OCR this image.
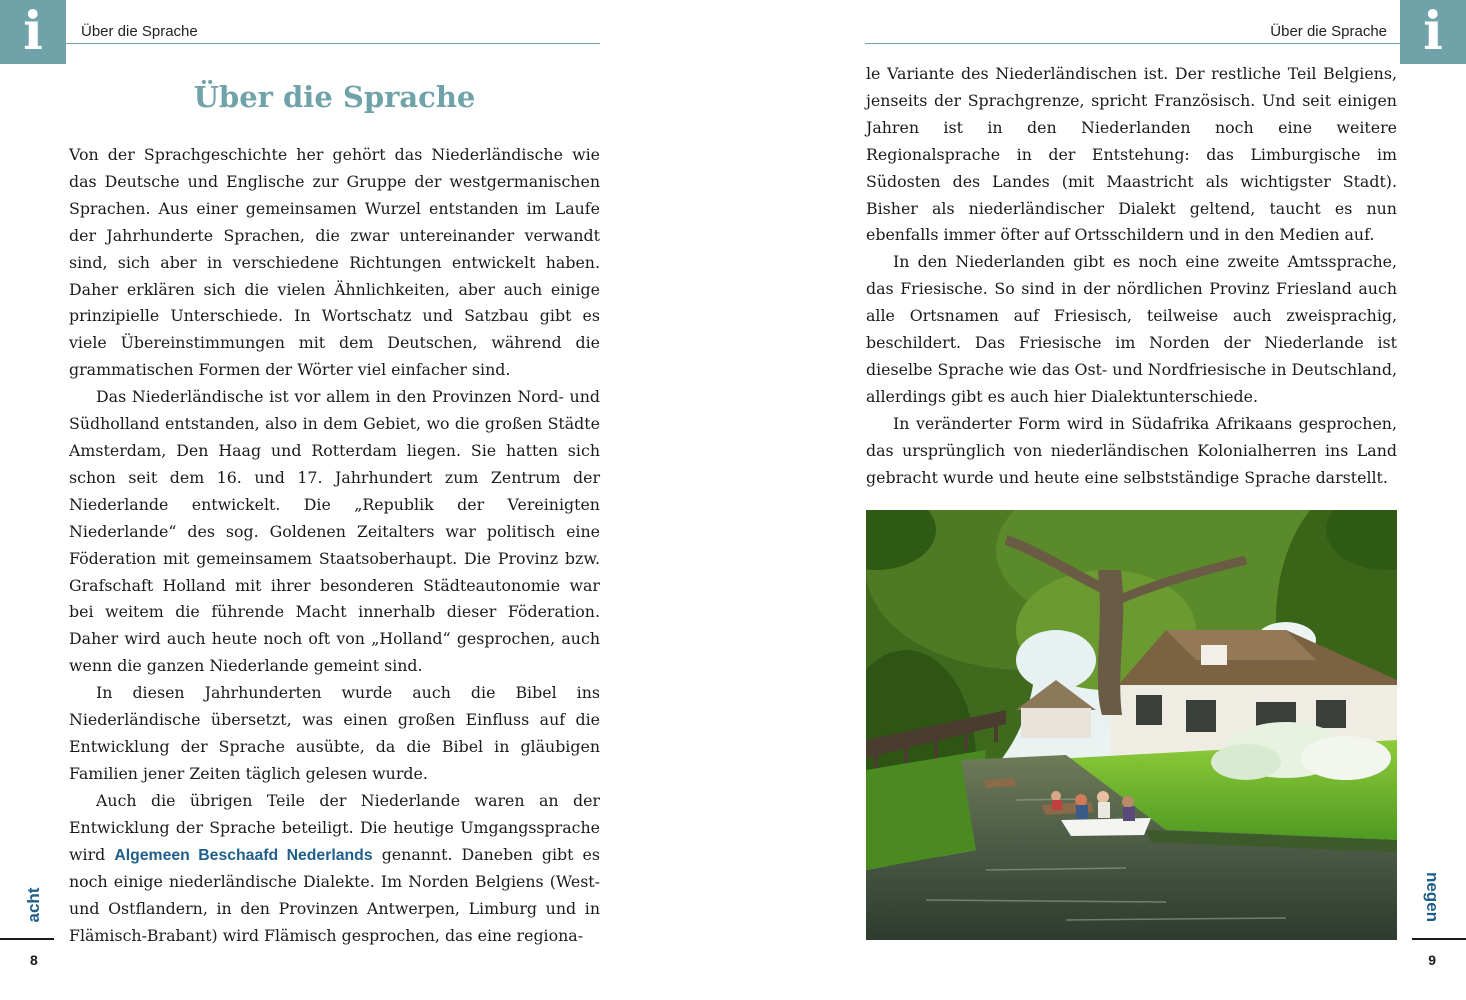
i	Über die Sprache
Über die Sprache

Von der Sprachgeschichte her gehört das Niederländische wie das Deutsche und Englische zur Gruppe der westgermanischen Sprachen. Aus einer gemeinsamen Wurzel entstanden im Laufe der Jahrhunderte Sprachen, die zwar untereinander verwandt sind, sich aber in verschiedene Richtungen entwickelt haben. Daher erklären sich die vielen Ähnlichkeiten, aber auch einige prinzipielle Unterschiede. In Wortschatz und Satzbau gibt es viele Übereinstimmungen mit dem Deutschen, während die grammatischen Formen der Wörter viel einfacher sind.

Das Niederländische ist vor allem in den Provinzen Nord- und Südholland entstanden, also in dem Gebiet, wo die großen Städte Amsterdam, Den Haag und Rotterdam liegen. Sie hatten sich schon seit dem 16. und 17. Jahrhundert zum Zentrum der Niederlande entwickelt. Die „Republik der Vereinigten Niederlande“ des sog. Goldenen Zeitalters war politisch eine Föderation mit gemeinsamem Staatsoberhaupt. Die Provinz bzw. Grafschaft Holland mit ihrer besonderen Städteautonomie war bei weitem die führende Macht innerhalb dieser Föderation. Daher wird auch heute noch oft von „Holland“ gesprochen, auch wenn die ganzen Niederlande gemeint sind.

In diesen Jahrhunderten wurde auch die Bibel ins Niederländische übersetzt, was einen großen Einfluss auf die Entwicklung der Sprache ausübte, da die Bibel in gläubigen Familien jener Zeiten täglich gelesen wurde.

Auch die übrigen Teile der Niederlande waren an der Entwicklung der Sprache beteiligt. Die heutige Umgangssprache wird Algemeen Beschaafd Nederlands genannt. Daneben gibt es noch einige niederländische Dialekte. Im Norden Belgiens (West- und Ostflandern, in den Provinzen Antwerpen, Limburg und in Flämisch-Brabant) wird Flämisch gesprochen, das eine regiona-

acht
8
i
Über die Sprache

le Variante des Niederländischen ist. Der restliche Teil Belgiens, jenseits der Sprachgrenze, spricht Französisch. Und seit einigen Jahren ist in den Niederlanden noch eine weitere Regionalsprache in der Entstehung: das Limburgische im Südosten des Landes (mit Maastricht als wichtigster Stadt). Bisher als niederländischer Dialekt geltend, taucht es nun ebenfalls immer öfter auf Ortsschildern und in den Medien auf.

In den Niederlanden gibt es noch eine zweite Amtssprache, das Friesische. So sind in der nördlichen Provinz Friesland auch alle Ortsnamen auf Friesisch, teilweise auch zweisprachig, beschildert. Das Friesische im Norden der Niederlande ist dieselbe Sprache wie das Ost- und Nordfriesische in Deutschland, allerdings gibt es auch hier Dialektunterschiede.

In veränderter Form wird in Südafrika Afrikaans gesprochen, das ursprünglich von niederländischen Kolonialherren ins Land gebracht wurde und heute eine selbstständige Sprache darstellt.

negen
9
